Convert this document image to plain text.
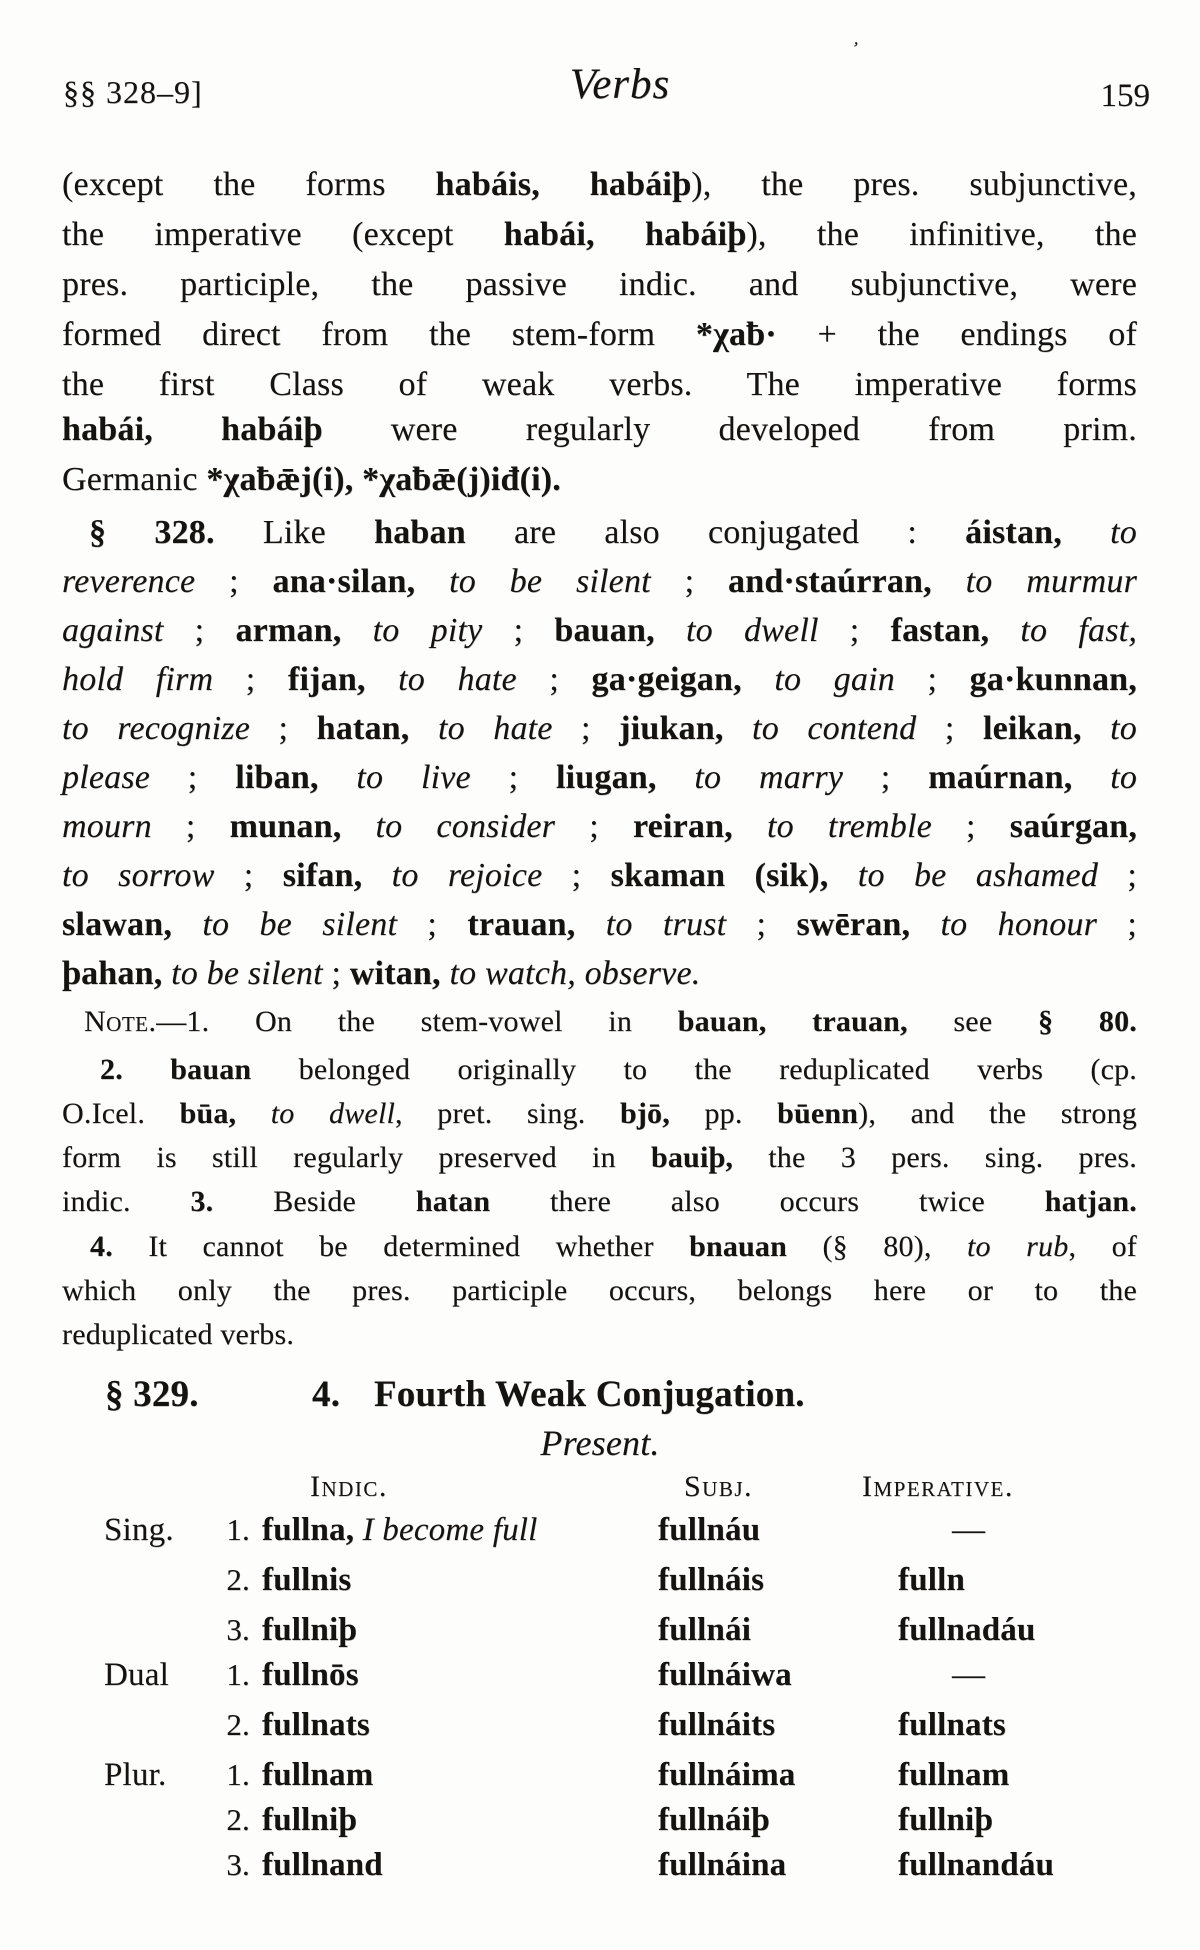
§§ 328–9]	Verbs	159
ʼ
(except the forms habáis, habáiþ), the pres. subjunctive,
the imperative (except habái, habáiþ), the infinitive, the
pres. participle, the passive indic. and subjunctive, were
formed direct from the stem-form *χaƀ· + the endings of
the first Class of weak verbs. The imperative forms
habái, habáiþ were regularly developed from prim.
Germanic *χaƀǣj(i), *χaƀǣ(j)iđ(i).
§ 328. Like haban are also conjugated : áistan, to
reverence ; ana·silan, to be silent ; and·staúrran, to murmur
against ; arman, to pity ; bauan, to dwell ; fastan, to fast,
hold firm ; fijan, to hate ; ga·geigan, to gain ; ga·kunnan,
to recognize ; hatan, to hate ; jiukan, to contend ; leikan, to
please ; liban, to live ; liugan, to marry ; maúrnan, to
mourn ; munan, to consider ; reiran, to tremble ; saúrgan,
to sorrow ; sifan, to rejoice ; skaman (sik), to be ashamed ;
slawan, to be silent ; trauan, to trust ; swēran, to honour ;
þahan, to be silent ; witan, to watch, observe.
Note.—1. On the stem-vowel in bauan, trauan, see § 80.
2. bauan belonged originally to the reduplicated verbs (cp.
O.Icel. būa, to dwell, pret. sing. bjō, pp. būenn), and the strong
form is still regularly preserved in bauiþ, the 3 pers. sing. pres.
indic. 3. Beside hatan there also occurs twice hatjan.
4. It cannot be determined whether bnauan (§ 80), to rub, of
which only the pres. participle occurs, belongs here or to the
reduplicated verbs.
§ 329.	4. Fourth Weak Conjugation.
Present.
Indic.	Subj.	Imperative.
Sing.	1. fullna, I become full	fullnáu	—
2. fullnis	fullnáis	fulln
3. fullniþ	fullnái	fullnadáu
Dual	1. fullnōs	fullnáiwa	—
2. fullnats	fullnáits	fullnats
Plur.	1. fullnam	fullnáima	fullnam
2. fullniþ	fullnáiþ	fullniþ
3. fullnand	fullnáina	fullnandáu
